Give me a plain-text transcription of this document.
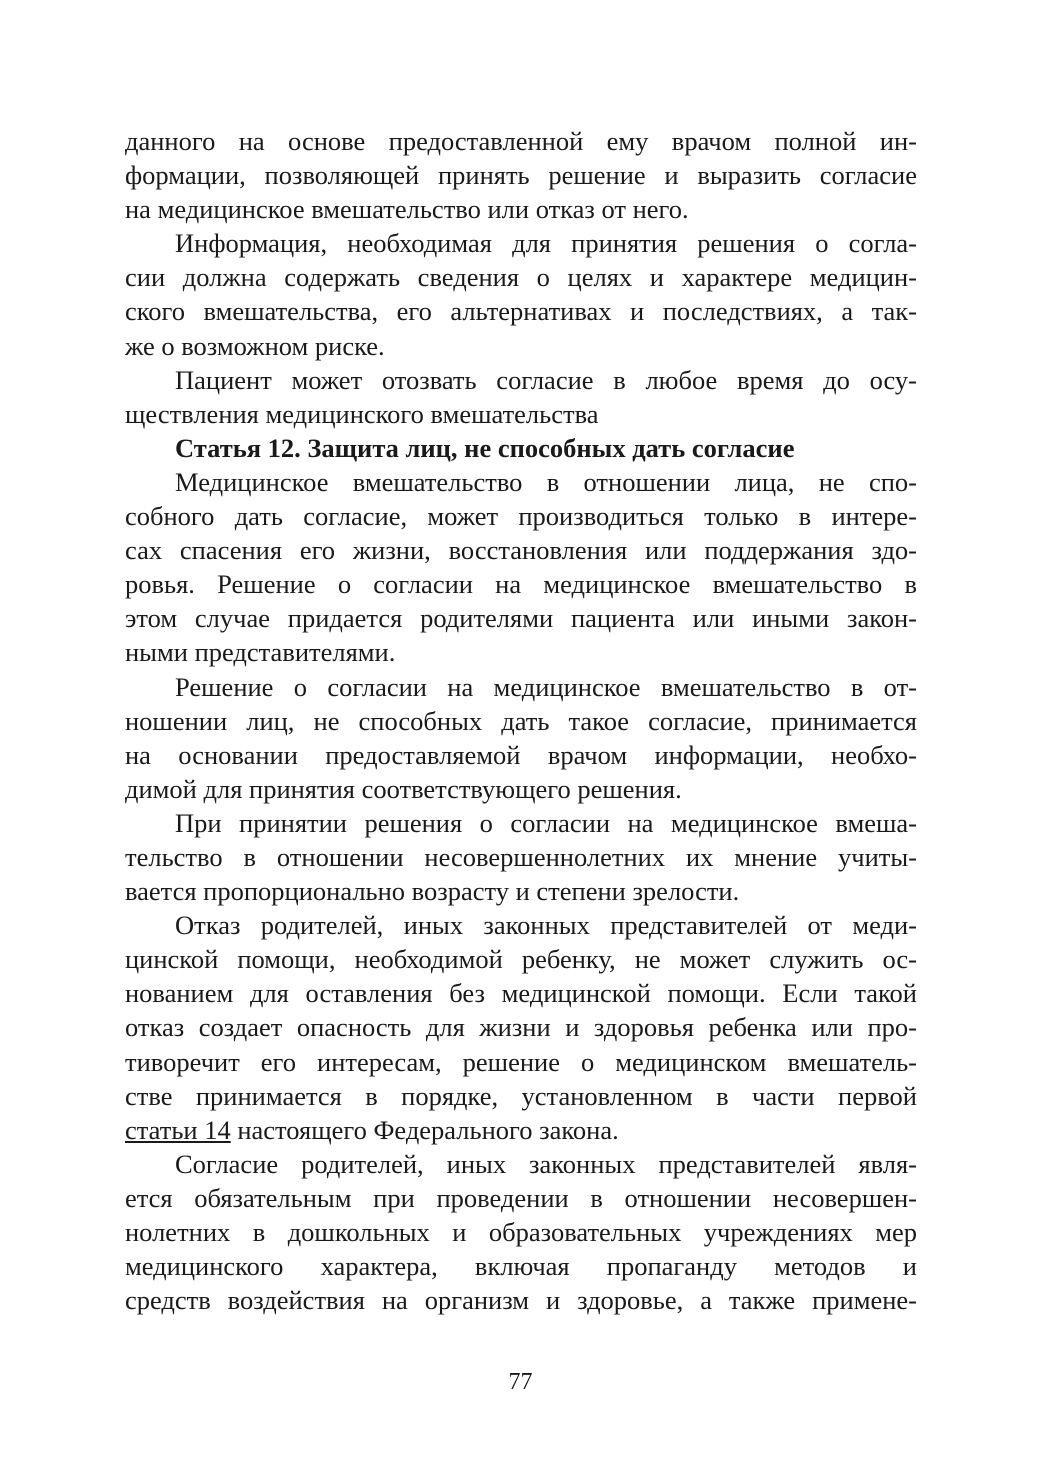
данного на основе предоставленной ему врачом полной ин-
формации, позволяющей принять решение и выразить согласие
на медицинское вмешательство или отказ от него.
Информация, необходимая для принятия решения о согла-
сии должна содержать сведения о целях и характере медицин-
ского вмешательства, его альтернативах и последствиях, а так-
же о возможном риске.
Пациент может отозвать согласие в любое время до осу-
ществления медицинского вмешательства
Статья 12. Защита лиц, не способных дать согласие
Медицинское вмешательство в отношении лица, не спо-
собного дать согласие, может производиться только в интере-
сах спасения его жизни, восстановления или поддержания здо-
ровья. Решение о согласии на медицинское вмешательство в
этом случае придается родителями пациента или иными закон-
ными представителями.
Решение о согласии на медицинское вмешательство в от-
ношении лиц, не способных дать такое согласие, принимается
на основании предоставляемой врачом информации, необхо-
димой для принятия соответствующего решения.
При принятии решения о согласии на медицинское вмеша-
тельство в отношении несовершеннолетних их мнение учиты-
вается пропорционально возрасту и степени зрелости.
Отказ родителей, иных законных представителей от меди-
цинской помощи, необходимой ребенку, не может служить ос-
нованием для оставления без медицинской помощи. Если такой
отказ создает опасность для жизни и здоровья ребенка или про-
тиворечит его интересам, решение о медицинском вмешатель-
стве принимается в порядке, установленном в части первой
статьи 14 настоящего Федерального закона.
Согласие родителей, иных законных представителей явля-
ется обязательным при проведении в отношении несовершен-
нолетних в дошкольных и образовательных учреждениях мер
медицинского характера, включая пропаганду методов и
средств воздействия на организм и здоровье, а также примене-
77
